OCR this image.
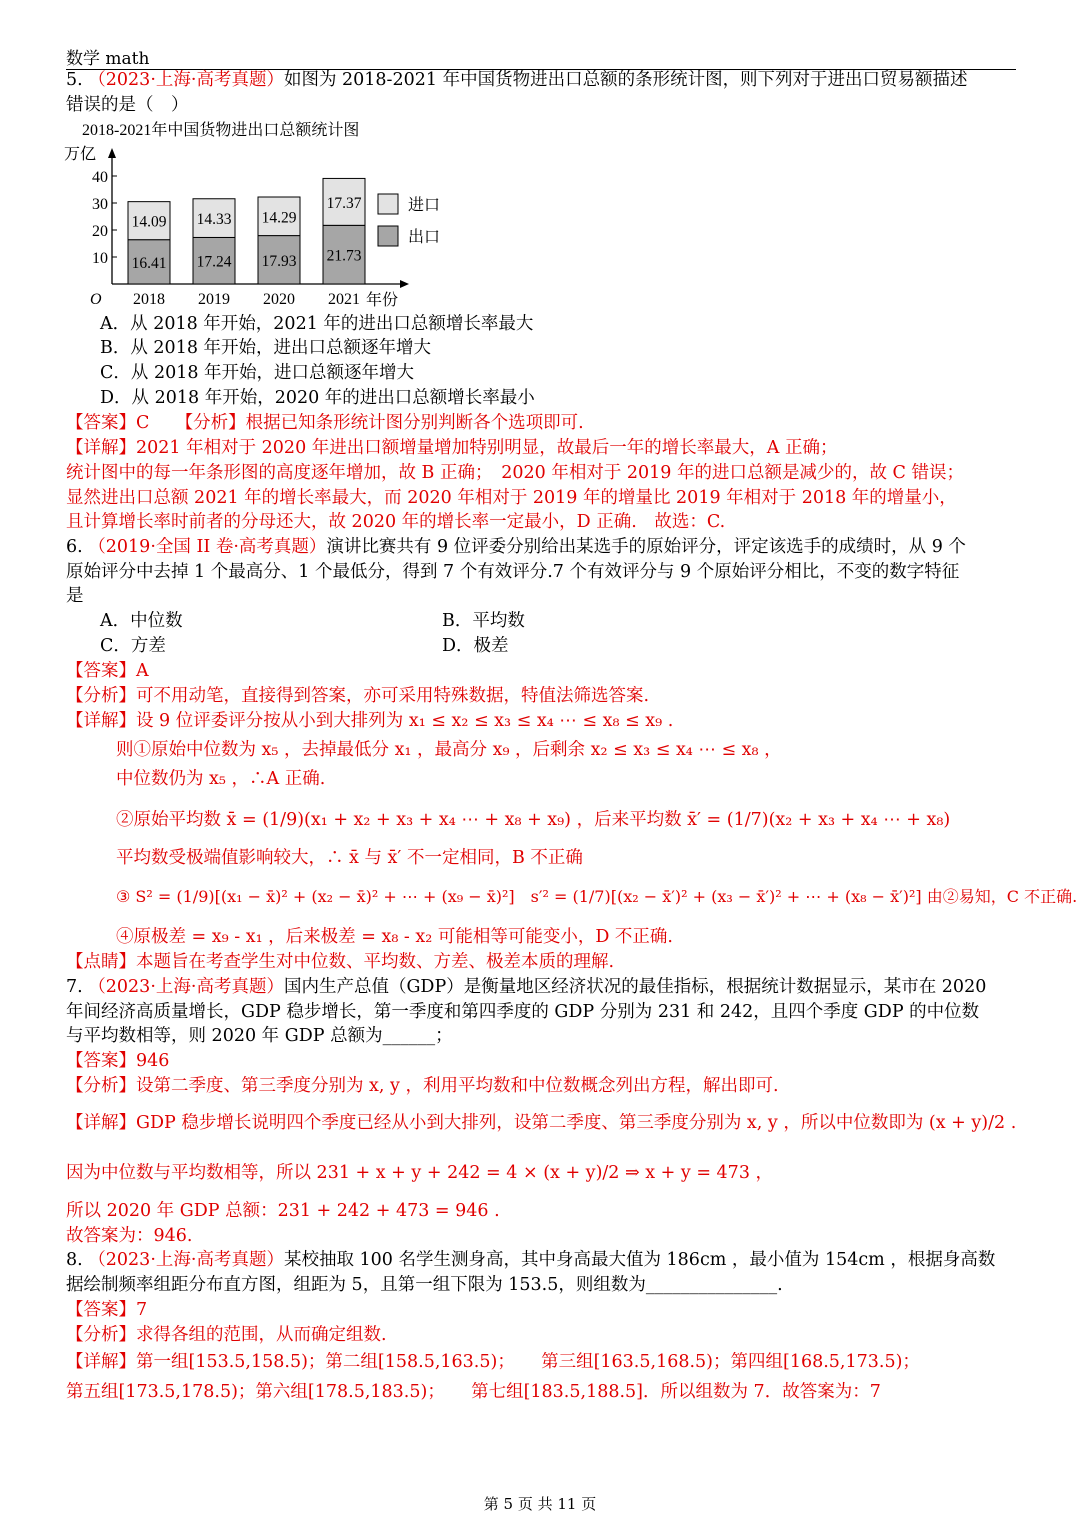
数学 math
5. （2023·上海·高考真题）如图为 2018-2021 年中国货物进出口总额的条形统计图，则下列对于进出口贸易额描述
错误的是（　）
2018-2021年中国货物进出口总额统计图
万亿
O	年份
10
20
30
40
16.41
14.09
2018
17.24
14.33
2019
17.93
14.29
2020
21.73
17.37
2021
进口
出口
A．从 2018 年开始，2021 年的进出口总额增长率最大
B．从 2018 年开始，进出口总额逐年增大
C．从 2018 年开始，进口总额逐年增大
D．从 2018 年开始，2020 年的进出口总额增长率最小
【答案】C　　【分析】根据已知条形统计图分别判断各个选项即可.
【详解】2021 年相对于 2020 年进出口额增量增加特别明显，故最后一年的增长率最大，A 正确；
统计图中的每一年条形图的高度逐年增加，故 B 正确；　2020 年相对于 2019 年的进口总额是减少的，故 C 错误；
显然进出口总额 2021 年的增长率最大，而 2020 年相对于 2019 年的增量比 2019 年相对于 2018 年的增量小，
且计算增长率时前者的分母还大，故 2020 年的增长率一定最小，D 正确.　故选：C.
6. （2019·全国 II 卷·高考真题）演讲比赛共有 9 位评委分别给出某选手的原始评分，评定该选手的成绩时，从 9 个
原始评分中去掉 1 个最高分、1 个最低分，得到 7 个有效评分.7 个有效评分与 9 个原始评分相比，不变的数字特征
是
A．中位数	B．平均数
C．方差	D．极差
【答案】A
【分析】可不用动笔，直接得到答案，亦可采用特殊数据，特值法筛选答案.
【详解】设 9 位评委评分按从小到大排列为 x₁ ≤ x₂ ≤ x₃ ≤ x₄ ⋯ ≤ x₈ ≤ x₉ .
则①原始中位数为 x₅ ，去掉最低分 x₁ ，最高分 x₉ ，后剩余 x₂ ≤ x₃ ≤ x₄ ⋯ ≤ x₈ ，
中位数仍为 x₅ ，∴A 正确.
②原始平均数 x̄ = (1/9)(x₁ + x₂ + x₃ + x₄ ⋯ + x₈ + x₉) ，后来平均数 x̄′ = (1/7)(x₂ + x₃ + x₄ ⋯ + x₈)
平均数受极端值影响较大，∴ x̄ 与 x̄′ 不一定相同，B 不正确
③ S² = (1/9)[(x₁ − x̄)² + (x₂ − x̄)² + ⋯ + (x₉ − x̄)²]　s′² = (1/7)[(x₂ − x̄′)² + (x₃ − x̄′)² + ⋯ + (x₈ − x̄′)²] 由②易知，C 不正确.
④原极差 = x₉ - x₁ ，后来极差 = x₈ - x₂ 可能相等可能变小，D 不正确.
【点睛】本题旨在考查学生对中位数、平均数、方差、极差本质的理解.
7. （2023·上海·高考真题）国内生产总值（GDP）是衡量地区经济状况的最佳指标，根据统计数据显示，某市在 2020
年间经济高质量增长，GDP 稳步增长，第一季度和第四季度的 GDP 分别为 231 和 242，且四个季度 GDP 的中位数
与平均数相等，则 2020 年 GDP 总额为______；
【答案】946
【分析】设第二季度、第三季度分别为 x, y ，利用平均数和中位数概念列出方程，解出即可.
【详解】GDP 稳步增长说明四个季度已经从小到大排列，设第二季度、第三季度分别为 x, y ，所以中位数即为 (x + y)/2 .
因为中位数与平均数相等，所以 231 + x + y + 242 = 4 × (x + y)/2 ⇒ x + y = 473 ，
所以 2020 年 GDP 总额：231 + 242 + 473 = 946 .
故答案为：946.
8. （2023·上海·高考真题）某校抽取 100 名学生测身高，其中身高最大值为 186cm ，最小值为 154cm ，根据身高数
据绘制频率组距分布直方图，组距为 5，且第一组下限为 153.5，则组数为_______________.
【答案】7
【分析】求得各组的范围，从而确定组数.
【详解】第一组[153.5,158.5)；第二组[158.5,163.5)；　　第三组[163.5,168.5)；第四组[168.5,173.5)；
第五组[173.5,178.5)；第六组[178.5,183.5)；　　第七组[183.5,188.5]．所以组数为 7．故答案为：7
第 5 页 共 11 页
